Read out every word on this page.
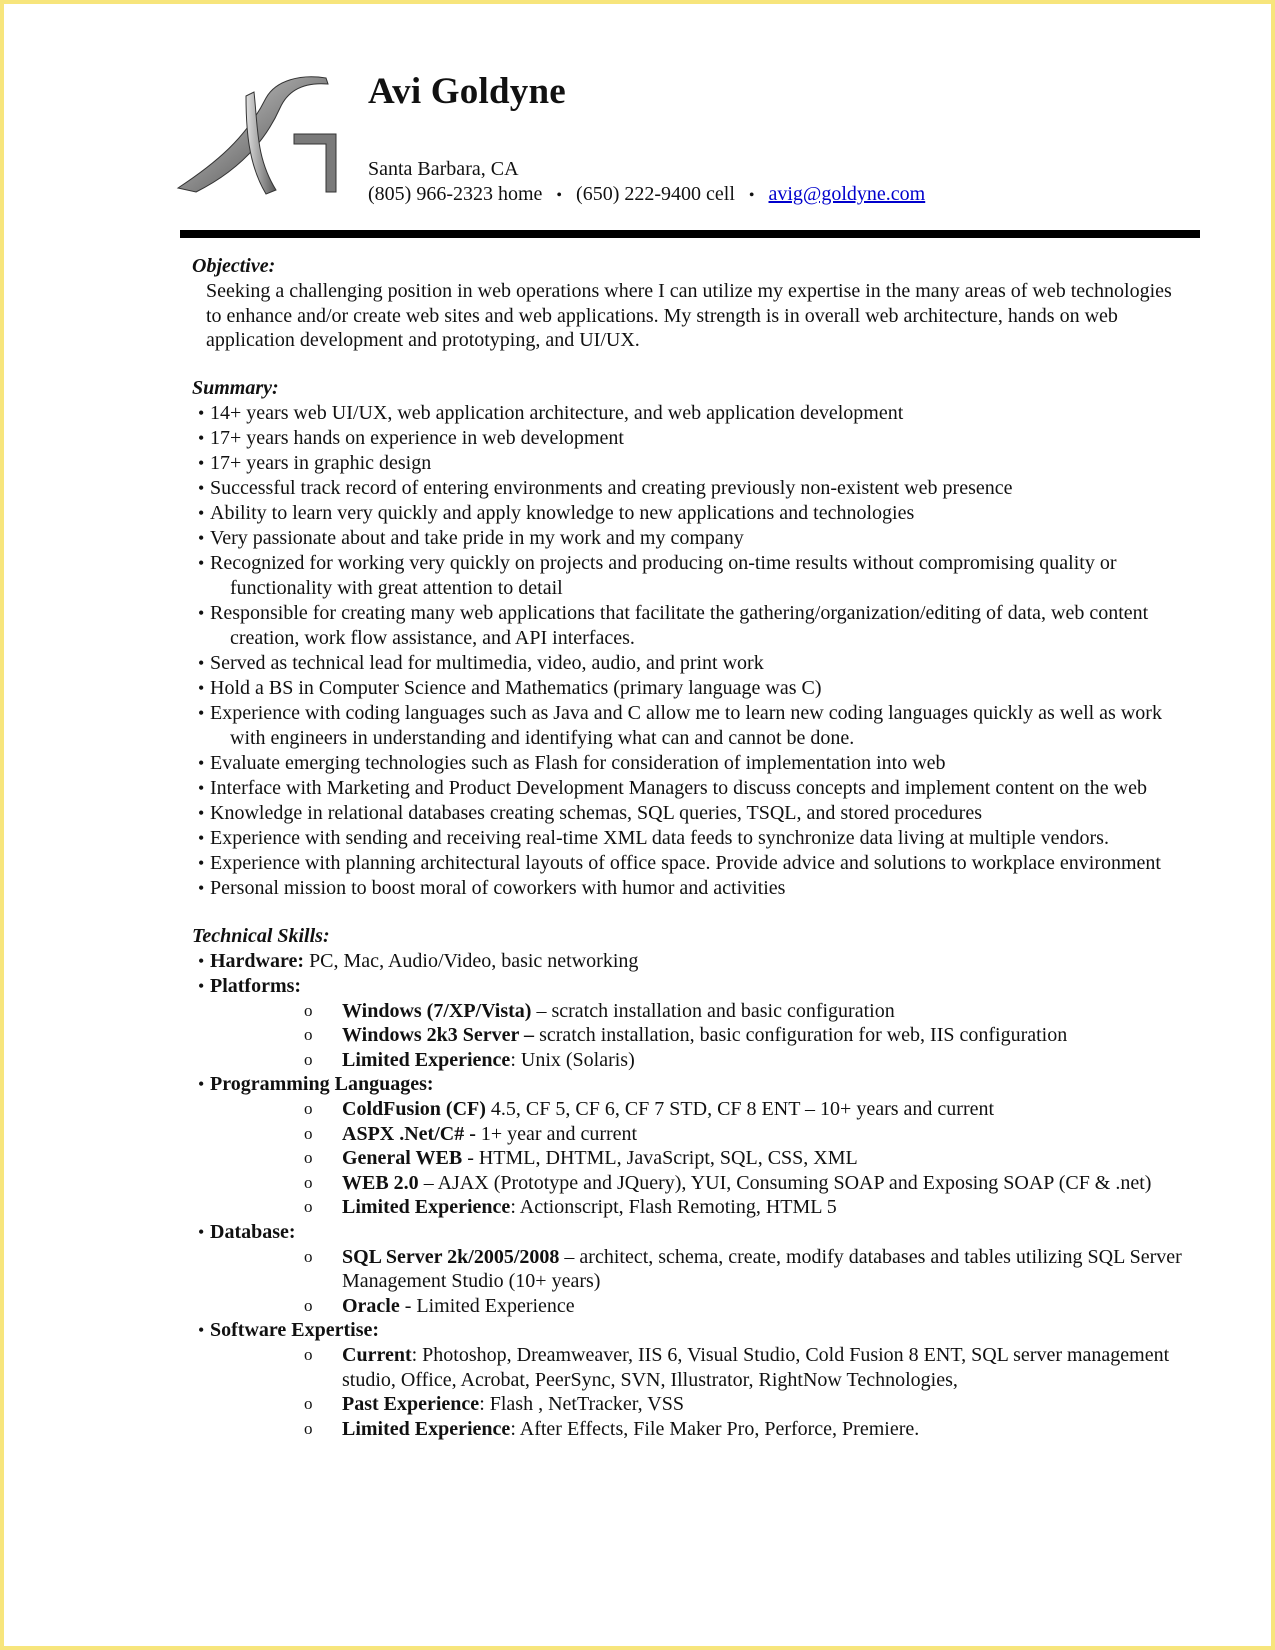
Avi Goldyne
Santa Barbara, CA
(805) 966-2323 home • (650) 222-9400 cell • avig@goldyne.com
Objective:
Seeking a challenging position in web operations where I can utilize my expertise in the many areas of web technologies
to enhance and/or create web sites and web applications. My strength is in overall web architecture, hands on web
application development and prototyping, and UI/UX.
Summary:
• 14+ years web UI/UX, web application architecture, and web application development
• 17+ years hands on experience in web development
• 17+ years in graphic design
• Successful track record of entering environments and creating previously non-existent web presence
• Ability to learn very quickly and apply knowledge to new applications and technologies
• Very passionate about and take pride in my work and my company
• Recognized for working very quickly on projects and producing on-time results without compromising quality or
functionality with great attention to detail
• Responsible for creating many web applications that facilitate the gathering/organization/editing of data, web content
creation, work flow assistance, and API interfaces.
• Served as technical lead for multimedia, video, audio, and print work
• Hold a BS in Computer Science and Mathematics (primary language was C)
• Experience with coding languages such as Java and C allow me to learn new coding languages quickly as well as work
with engineers in understanding and identifying what can and cannot be done.
• Evaluate emerging technologies such as Flash for consideration of implementation into web
• Interface with Marketing and Product Development Managers to discuss concepts and implement content on the web
• Knowledge in relational databases creating schemas, SQL queries, TSQL, and stored procedures
• Experience with sending and receiving real-time XML data feeds to synchronize data living at multiple vendors.
• Experience with planning architectural layouts of office space. Provide advice and solutions to workplace environment
• Personal mission to boost moral of coworkers with humor and activities
Technical Skills:
• Hardware: PC, Mac, Audio/Video, basic networking
• Platforms:
o Windows (7/XP/Vista) – scratch installation and basic configuration
o Windows 2k3 Server – scratch installation, basic configuration for web, IIS configuration
o Limited Experience: Unix (Solaris)
• Programming Languages:
o ColdFusion (CF) 4.5, CF 5, CF 6, CF 7 STD, CF 8 ENT – 10+ years and current
o ASPX .Net/C# - 1+ year and current
o General WEB - HTML, DHTML, JavaScript, SQL, CSS, XML
o WEB 2.0 – AJAX (Prototype and JQuery), YUI, Consuming SOAP and Exposing SOAP (CF & .net)
o Limited Experience: Actionscript, Flash Remoting, HTML 5
• Database:
o SQL Server 2k/2005/2008 – architect, schema, create, modify databases and tables utilizing SQL Server
Management Studio (10+ years)
o Oracle - Limited Experience
• Software Expertise:
o Current: Photoshop, Dreamweaver, IIS 6, Visual Studio, Cold Fusion 8 ENT, SQL server management
studio, Office, Acrobat, PeerSync, SVN, Illustrator, RightNow Technologies,
o Past Experience: Flash , NetTracker, VSS
o Limited Experience: After Effects, File Maker Pro, Perforce, Premiere.
